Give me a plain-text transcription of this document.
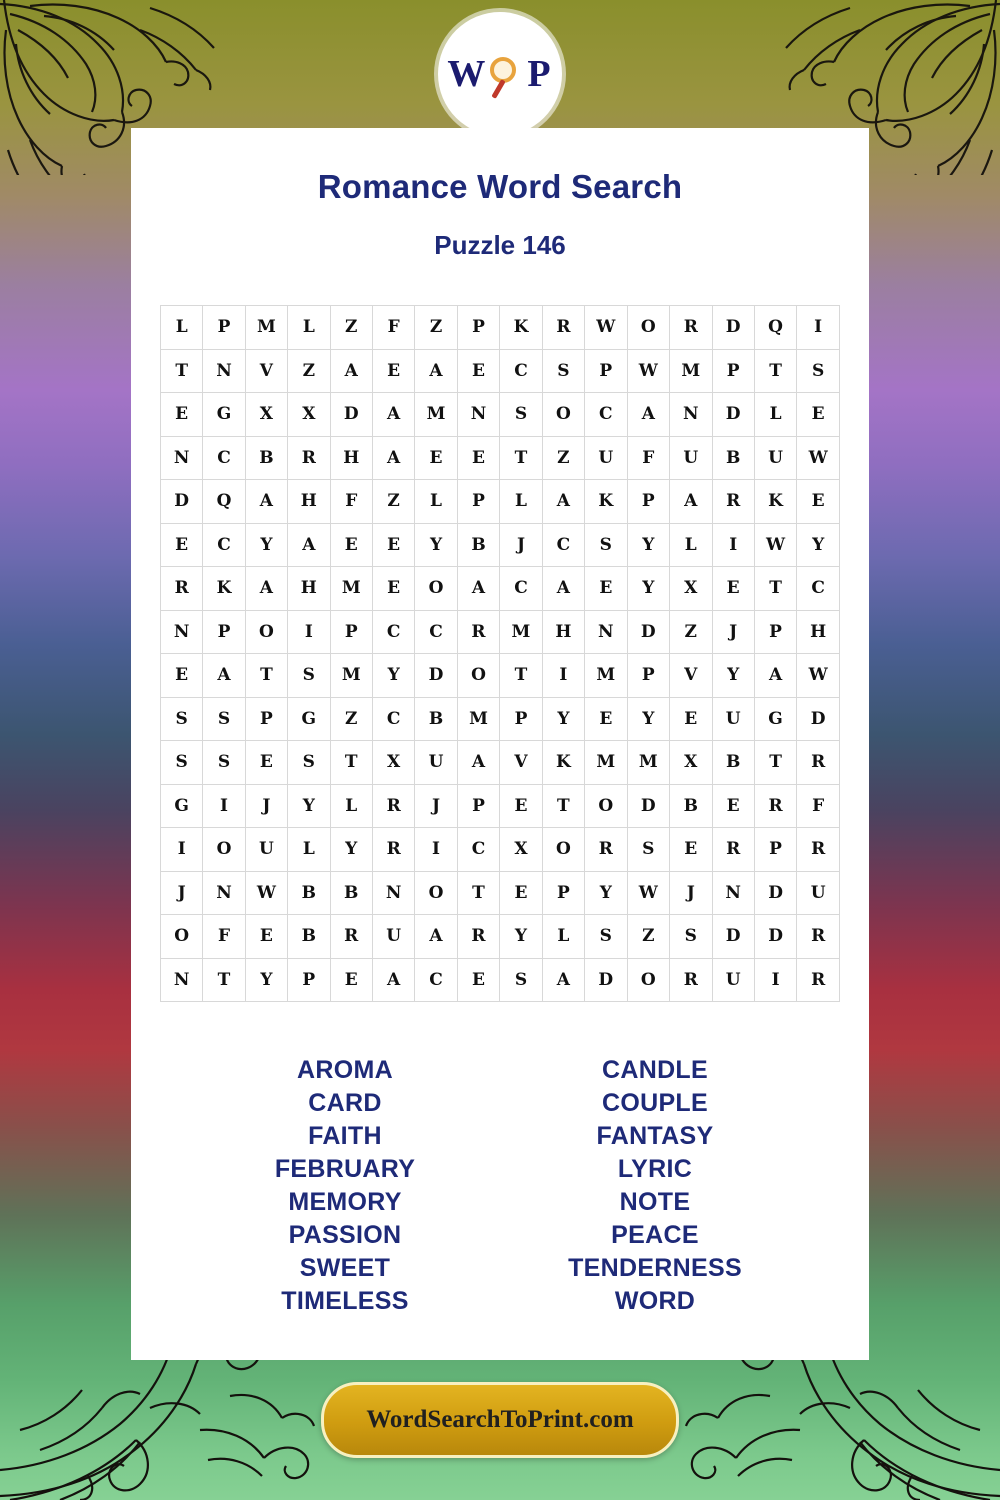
W P
Romance Word Search
Puzzle 146
L	P	M	L	Z	F	Z	P	K	R	W	O	R	D	Q	I
T	N	V	Z	A	E	A	E	C	S	P	W	M	P	T	S
E	G	X	X	D	A	M	N	S	O	C	A	N	D	L	E
N	C	B	R	H	A	E	E	T	Z	U	F	U	B	U	W
D	Q	A	H	F	Z	L	P	L	A	K	P	A	R	K	E
E	C	Y	A	E	E	Y	B	J	C	S	Y	L	I	W	Y
R	K	A	H	M	E	O	A	C	A	E	Y	X	E	T	C
N	P	O	I	P	C	C	R	M	H	N	D	Z	J	P	H
E	A	T	S	M	Y	D	O	T	I	M	P	V	Y	A	W
S	S	P	G	Z	C	B	M	P	Y	E	Y	E	U	G	D
S	S	E	S	T	X	U	A	V	K	M	M	X	B	T	R
G	I	J	Y	L	R	J	P	E	T	O	D	B	E	R	F
I	O	U	L	Y	R	I	C	X	O	R	S	E	R	P	R
J	N	W	B	B	N	O	T	E	P	Y	W	J	N	D	U
O	F	E	B	R	U	A	R	Y	L	S	Z	S	D	D	R
N	T	Y	P	E	A	C	E	S	A	D	O	R	U	I	R
AROMA
CARD
FAITH
FEBRUARY
MEMORY
PASSION
SWEET
TIMELESS
CANDLE
COUPLE
FANTASY
LYRIC
NOTE
PEACE
TENDERNESS
WORD
WordSearchToPrint.com
